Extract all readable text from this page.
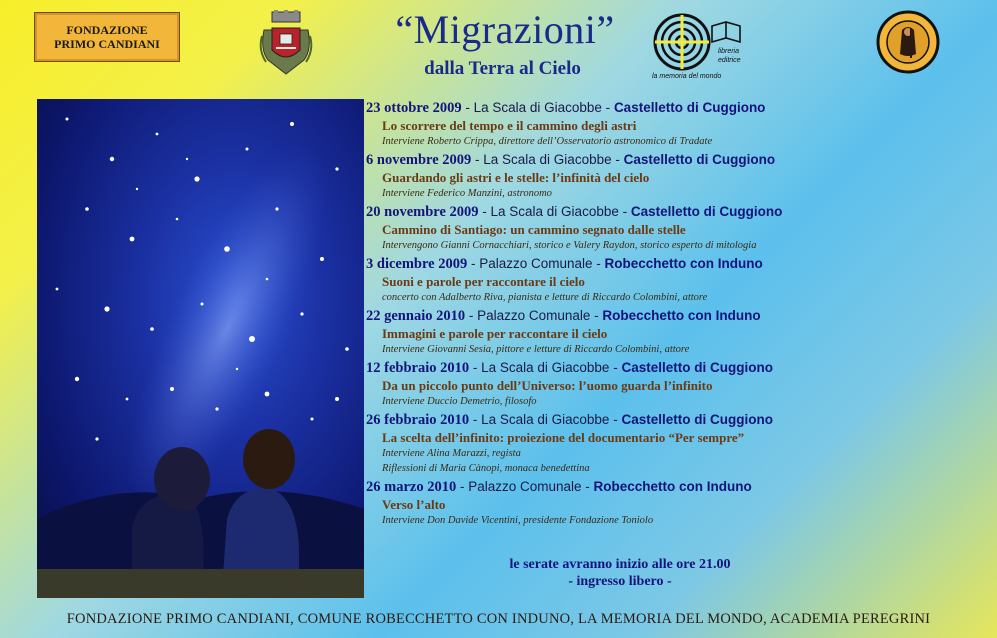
FONDAZIONE
PRIMO CANDIANI	“Migrazioni”
dalla Terra al Cielo
libreria
editrice
la memoria del mondo
23 ottobre 2009 - La Scala di Giacobbe - Castelletto di Cuggiono
Lo scorrere del tempo e il cammino degli astri
Interviene Roberto Crippa, direttore dell’Osservatorio astronomico di Tradate
6 novembre 2009 - La Scala di Giacobbe - Castelletto di Cuggiono
Guardando gli astri e le stelle: l’infinità del cielo
Interviene Federico Manzini, astronomo
20 novembre 2009 - La Scala di Giacobbe - Castelletto di Cuggiono
Cammino di Santiago: un cammino segnato dalle stelle
Intervengono Gianni Cornacchiari, storico e Valery Raydon, storico esperto di mitologia
3 dicembre 2009 - Palazzo Comunale - Robecchetto con Induno
Suoni e parole per raccontare il cielo
concerto con Adalberto Riva, pianista e letture di Riccardo Colombini, attore
22 gennaio 2010 - Palazzo Comunale - Robecchetto con Induno
Immagini e parole per raccontare il cielo
Interviene Giovanni Sesia, pittore e letture di Riccardo Colombini, attore
12 febbraio 2010 - La Scala di Giacobbe - Castelletto di Cuggiono
Da un piccolo punto dell’Universo: l’uomo guarda l’infinito
Interviene Duccio Demetrio, filosofo
26 febbraio 2010 - La Scala di Giacobbe - Castelletto di Cuggiono
La scelta dell’infinito: proiezione del documentario “Per sempre”
Interviene Alina Marazzi, regista
Riflessioni di Maria Cànopi, monaca benedettina
26 marzo 2010 - Palazzo Comunale - Robecchetto con Induno
Verso l’alto
Interviene Don Davide Vicentini, presidente Fondazione Toniolo
le serate avranno inizio alle ore 21.00
- ingresso libero -
FONDAZIONE PRIMO CANDIANI, COMUNE ROBECCHETTO CON INDUNO, LA MEMORIA DEL MONDO, ACADEMIA PEREGRINI
